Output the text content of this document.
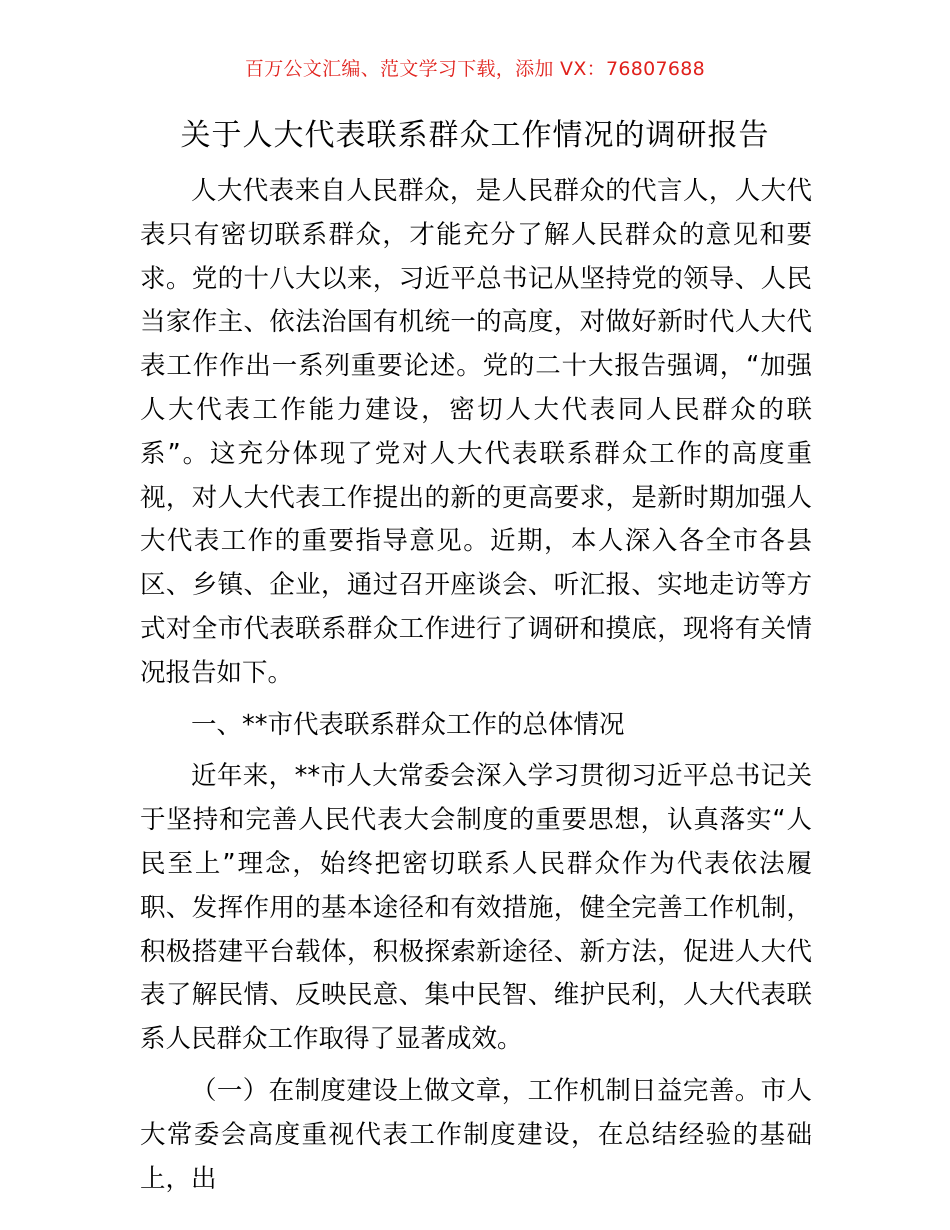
百万公文汇编、范文学习下载，添加 VX：76807688
关于人大代表联系群众工作情况的调研报告

人大代表来自人民群众，是人民群众的代言人，人大代表只有密切联系群众，才能充分了解人民群众的意见和要求。党的十八大以来，习近平总书记从坚持党的领导、人民当家作主、依法治国有机统一的高度，对做好新时代人大代表工作作出一系列重要论述。党的二十大报告强调，“加强人大代表工作能力建设，密切人大代表同人民群众的联系”。这充分体现了党对人大代表联系群众工作的高度重视，对人大代表工作提出的新的更高要求，是新时期加强人大代表工作的重要指导意见。近期，本人深入各全市各县区、乡镇、企业，通过召开座谈会、听汇报、实地走访等方式对全市代表联系群众工作进行了调研和摸底，现将有关情况报告如下。

一、**市代表联系群众工作的总体情况

近年来，**市人大常委会深入学习贯彻习近平总书记关于坚持和完善人民代表大会制度的重要思想，认真落实“人民至上”理念，始终把密切联系人民群众作为代表依法履职、发挥作用的基本途径和有效措施，健全完善工作机制，积极搭建平台载体，积极探索新途径、新方法，促进人大代表了解民情、反映民意、集中民智、维护民利，人大代表联系人民群众工作取得了显著成效。

（一）在制度建设上做文章，工作机制日益完善。市人大常委会高度重视代表工作制度建设，在总结经验的基础上，出
